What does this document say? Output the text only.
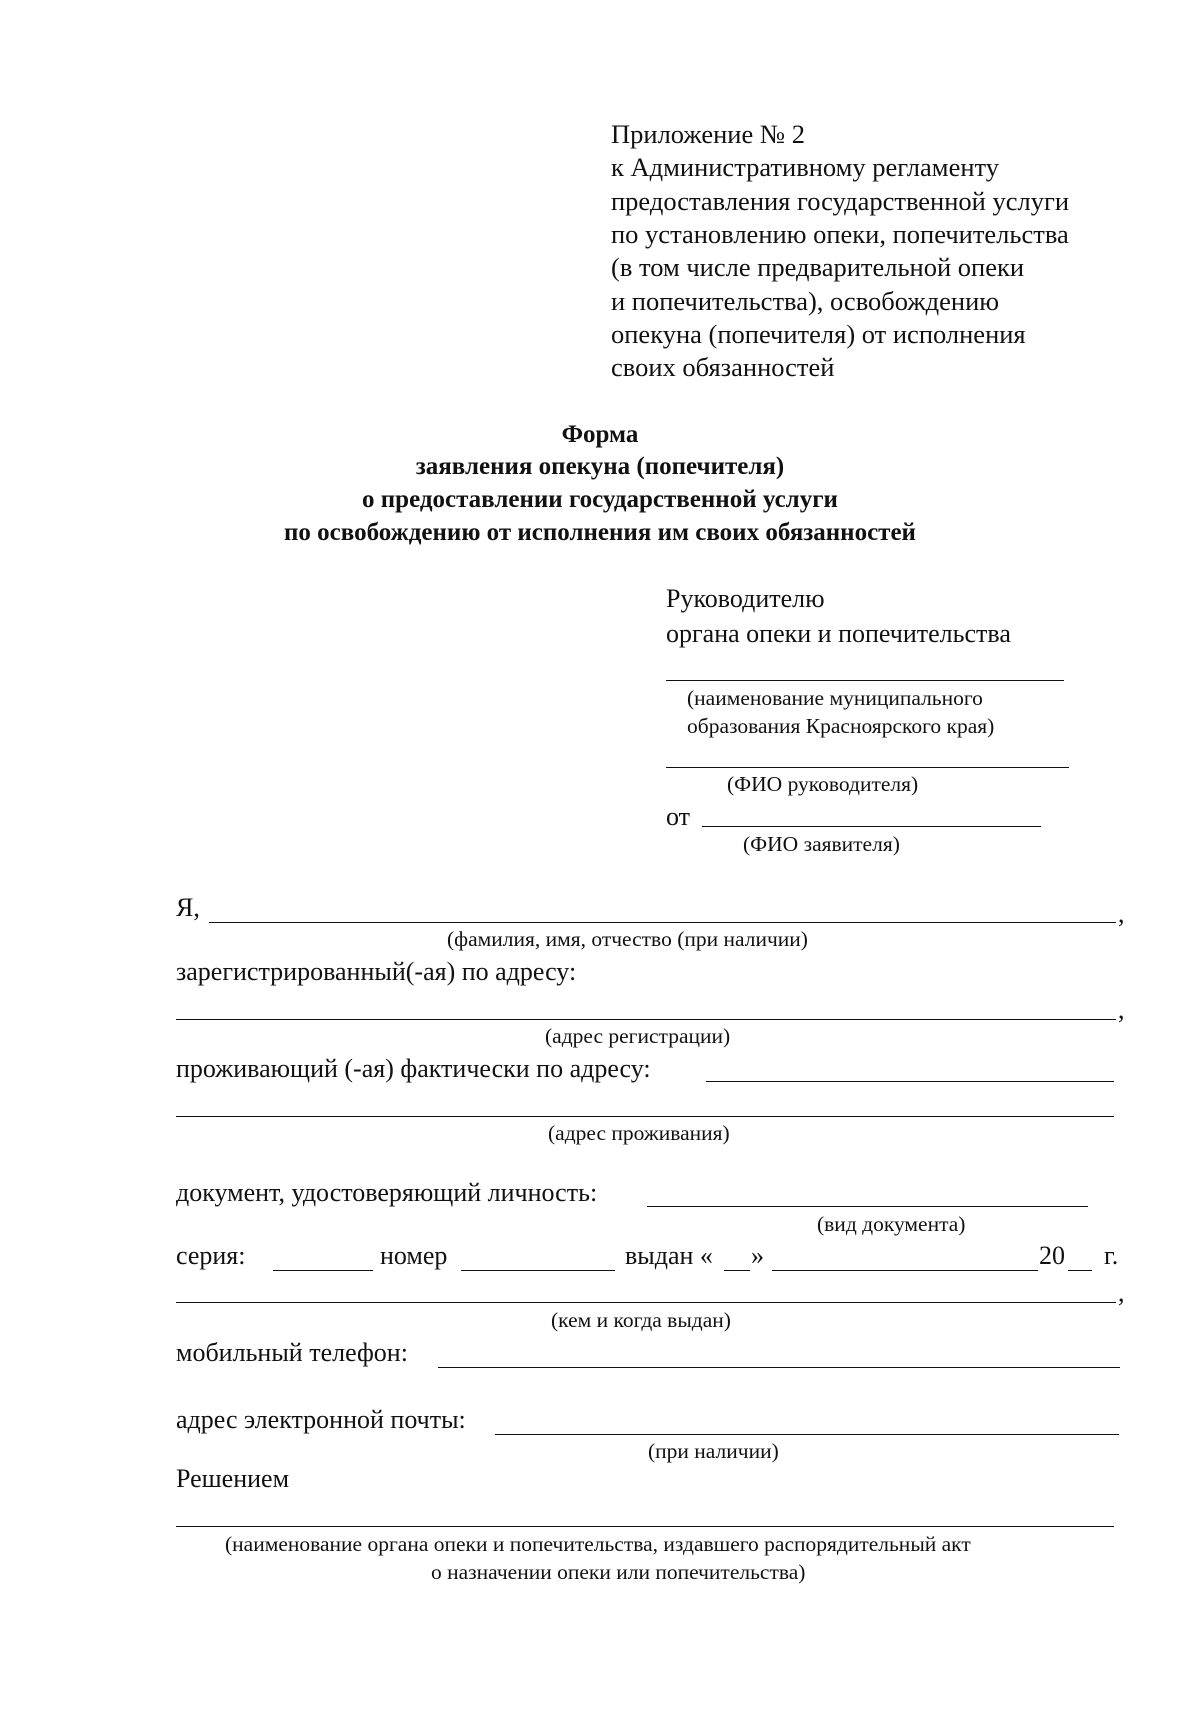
Приложение № 2
к Административному регламенту
предоставления государственной услуги
по установлению опеки, попечительства
(в том числе предварительной опеки
и попечительства), освобождению
опекуна (попечителя) от исполнения
своих обязанностей
Форма
заявления опекуна (попечителя)
о предоставлении государственной услуги
по освобождению от исполнения им своих обязанностей
Руководителю
органа опеки и попечительства
(наименование муниципального
образования Красноярского края)
(ФИО руководителя)
от
(ФИО заявителя)
Я,	,
(фамилия, имя, отчество (при наличии)
зарегистрированный(-ая) по адресу:
,
(адрес регистрации)
проживающий (-ая) фактически по адресу:
(адрес проживания)
документ, удостоверяющий личность:
(вид документа)
серия:	номер	выдан « »	20 г.
,
(кем и когда выдан)
мобильный телефон:
адрес электронной почты:
(при наличии)
Решением
(наименование органа опеки и попечительства, издавшего распорядительный акт
о назначении опеки или попечительства)
